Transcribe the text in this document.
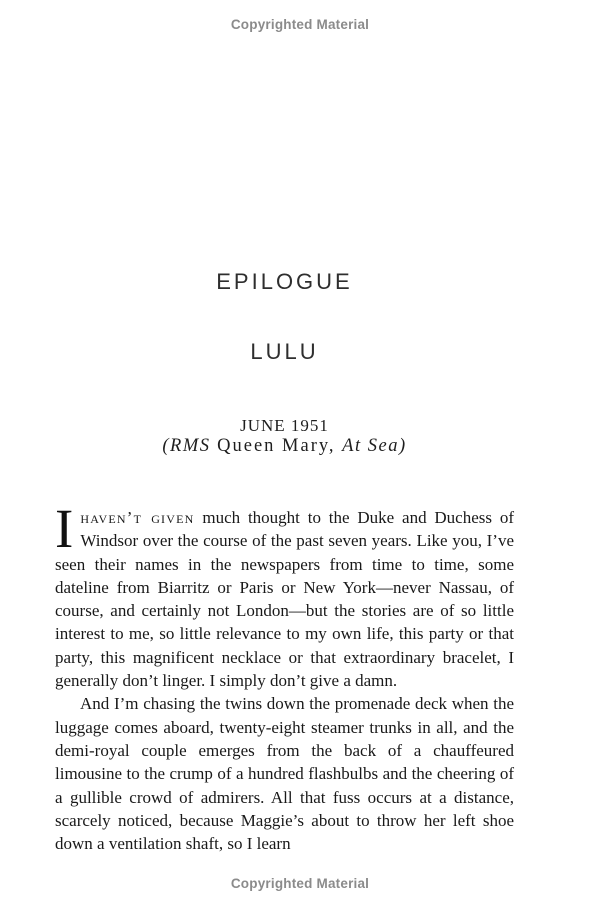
Copyrighted Material
EPILOGUE
LULU
JUNE 1951
(RMS Queen Mary, At Sea)

Ihaven’t given much thought to the Duke and Duchess of Windsor over the course of the past seven years. Like you, I’ve seen their names in the newspapers from time to time, some dateline from Biarritz or Paris or New York—never Nassau, of course, and certainly not London—but the stories are of so little interest to me, so little relevance to my own life, this party or that party, this magnificent necklace or that extraordinary bracelet, I generally don’t linger. I simply don’t give a damn.

And I’m chasing the twins down the promenade deck when the luggage comes aboard, twenty-eight steamer trunks in all, and the demi-royal couple emerges from the back of a chauffeured limousine to the crump of a hundred flashbulbs and the cheering of a gullible crowd of admirers. All that fuss occurs at a distance, scarcely noticed, because Maggie’s about to throw her left shoe down a ventilation shaft, so I learn

Copyrighted Material
